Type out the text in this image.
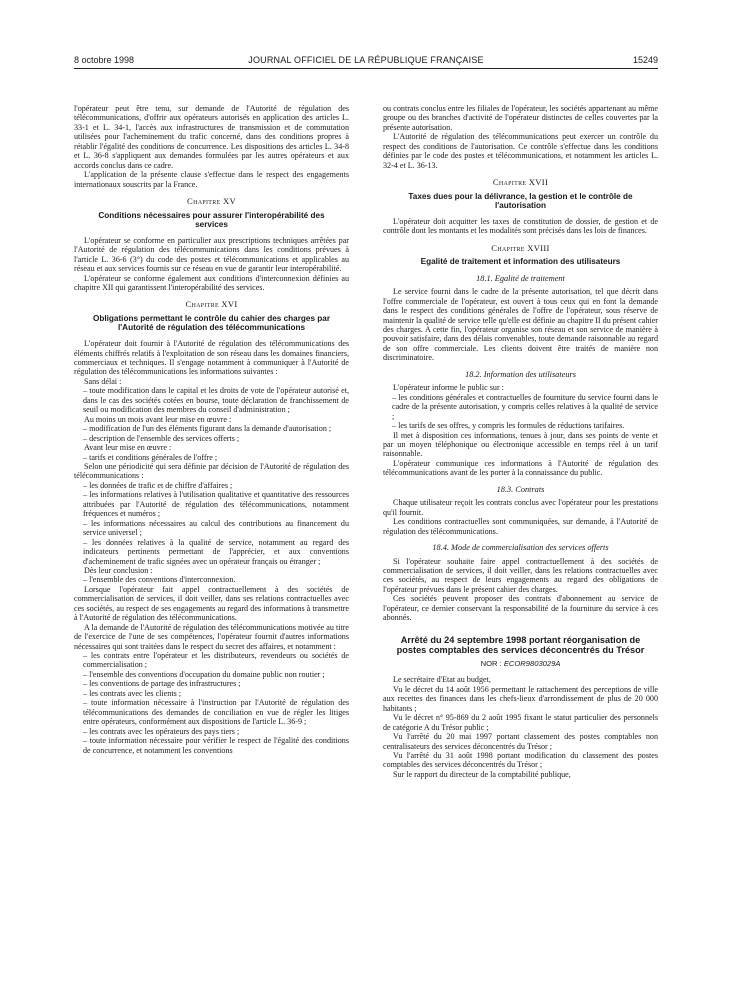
8 octobre 1998	JOURNAL OFFICIEL DE LA RÉPUBLIQUE FRANÇAISE	15249

l'opérateur peut être tenu, sur demande de l'Autorité de régulation des télécommunications, d'offrir aux opérateurs autorisés en application des articles L. 33-1 et L. 34-1, l'accès aux infrastructures de transmission et de commutation utilisées pour l'acheminement du trafic concerné, dans des conditions propres à rétablir l'égalité des conditions de concurrence. Les dispositions des articles L. 34-8 et L. 36-8 s'appliquent aux demandes formulées par les autres opérateurs et aux accords conclus dans ce cadre.

L'application de la présente clause s'effectue dans le respect des engagements internationaux souscrits par la France.

Chapitre XV
Conditions nécessaires pour assurer l'interopérabilité des services

L'opérateur se conforme en particulier aux prescriptions techniques arrêtées par l'Autorité de régulation des télécommunications dans les conditions prévues à l'article L. 36-6 (3°) du code des postes et télécommunications et applicables au réseau et aux services fournis sur ce réseau en vue de garantir leur interopérabilité.

L'opérateur se conforme également aux conditions d'interconnexion définies au chapitre XII qui garantissent l'interopérabilité des services.

Chapitre XVI
Obligations permettant le contrôle du cahier des charges par l'Autorité de régulation des télécommunications

L'opérateur doit fournir à l'Autorité de régulation des télécommunications des éléments chiffrés relatifs à l'exploitation de son réseau dans les domaines financiers, commerciaux et techniques. Il s'engage notamment à communiquer à l'Autorité de régulation des télécommunications les informations suivantes :

Sans délai :

– toute modification dans le capital et les droits de vote de l'opérateur autorisé et, dans le cas des sociétés cotées en bourse, toute déclaration de franchissement de seuil ou modification des membres du conseil d'administration ;

Au moins un mois avant leur mise en œuvre :

– modification de l'un des éléments figurant dans la demande d'autorisation ;

– description de l'ensemble des services offerts ;

Avant leur mise en œuvre :

– tarifs et conditions générales de l'offre ;

Selon une périodicité qui sera définie par décision de l'Autorité de régulation des télécommunications :

– les données de trafic et de chiffre d'affaires ;

– les informations relatives à l'utilisation qualitative et quantitative des ressources attribuées par l'Autorité de régulation des télécommunications, notamment fréquences et numéros ;

– les informations nécessaires au calcul des contributions au financement du service universel ;

– les données relatives à la qualité de service, notamment au regard des indicateurs pertinents permettant de l'apprécier, et aux conventions d'acheminement de trafic signées avec un opérateur français ou étranger ;

Dès leur conclusion :

– l'ensemble des conventions d'interconnexion.

Lorsque l'opérateur fait appel contractuellement à des sociétés de commercialisation de services, il doit veiller, dans ses relations contractuelles avec ces sociétés, au respect de ses engagements au regard des informations à transmettre à l'Autorité de régulation des télécommunications.

A la demande de l'Autorité de régulation des télécommunications motivée au titre de l'exercice de l'une de ses compétences, l'opérateur fournit d'autres informations nécessaires qui sont traitées dans le respect du secret des affaires, et notamment :

– les contrats entre l'opérateur et les distributeurs, revendeurs ou sociétés de commercialisation ;

– l'ensemble des conventions d'occupation du domaine public non routier ;

– les conventions de partage des infrastructures ;

– les contrats avec les clients ;

– toute information nécessaire à l'instruction par l'Autorité de régulation des télécommunications des demandes de conciliation en vue de régler les litiges entre opérateurs, conformément aux dispositions de l'article L. 36-9 ;

– les contrats avec les opérateurs des pays tiers ;

– toute information nécessaire pour vérifier le respect de l'égalité des conditions de concurrence, et notamment les conventions

ou contrats conclus entre les filiales de l'opérateur, les sociétés appartenant au même groupe ou des branches d'activité de l'opérateur distinctes de celles couvertes par la présente autorisation.

L'Autorité de régulation des télécommunications peut exercer un contrôle du respect des conditions de l'autorisation. Ce contrôle s'effectue dans les conditions définies par le code des postes et télécommunications, et notamment les articles L. 32-4 et L. 36-13.

Chapitre XVII
Taxes dues pour la délivrance, la gestion et le contrôle de l'autorisation

L'opérateur doit acquitter les taxes de constitution de dossier, de gestion et de contrôle dont les montants et les modalités sont précisés dans les lois de finances.

Chapitre XVIII
Egalité de traitement et information des utilisateurs
18.1. Egalité de traitement

Le service fourni dans le cadre de la présente autorisation, tel que décrit dans l'offre commerciale de l'opérateur, est ouvert à tous ceux qui en font la demande dans le respect des conditions générales de l'offre de l'opérateur, sous réserve de maintenir la qualité de service telle qu'elle est définie au chapitre II du présent cahier des charges. A cette fin, l'opérateur organise son réseau et son service de manière à pouvoir satisfaire, dans des délais convenables, toute demande raisonnable au regard de son offre commerciale. Les clients doivent être traités de manière non discriminatoire.

18.2. Information des utilisateurs

L'opérateur informe le public sur :

– les conditions générales et contractuelles de fourniture du service fourni dans le cadre de la présente autorisation, y compris celles relatives à la qualité de service ;

– les tarifs de ses offres, y compris les formules de réductions tarifaires.

Il met à disposition ces informations, tenues à jour, dans ses points de vente et par un moyen téléphonique ou électronique accessible en temps réel à un tarif raisonnable.

L'opérateur communique ces informations à l'Autorité de régulation des télécommunications avant de les porter à la connaissance du public.

18.3. Contrats

Chaque utilisateur reçoit les contrats conclus avec l'opérateur pour les prestations qu'il fournit.

Les conditions contractuelles sont communiquées, sur demande, à l'Autorité de régulation des télécommunications.

18.4. Mode de commercialisation des services offerts

Si l'opérateur souhaite faire appel contractuellement à des sociétés de commercialisation de services, il doit veiller, dans les relations contractuelles avec ces sociétés, au respect de leurs engagements au regard des obligations de l'opérateur prévues dans le présent cahier des charges.

Ces sociétés peuvent proposer des contrats d'abonnement au service de l'opérateur, ce dernier conservant la responsabilité de la fourniture du service à ces abonnés.

Arrêté du 24 septembre 1998 portant réorganisation de postes comptables des services déconcentrés du Trésor
NOR : ECOR9803029A

Le secrétaire d'Etat au budget,

Vu le décret du 14 août 1956 permettant le rattachement des perceptions de ville aux recettes des finances dans les chefs-lieux d'arrondissement de plus de 20 000 habitants ;

Vu le décret n° 95-869 du 2 août 1995 fixant le statut particulier des personnels de catégorie A du Trésor public ;

Vu l'arrêté du 20 mai 1997 portant classement des postes comptables non centralisateurs des services déconcentrés du Trésor ;

Vu l'arrêté du 31 août 1998 portant modification du classement des postes comptables des services déconcentrés du Trésor ;

Sur le rapport du directeur de la comptabilité publique,
